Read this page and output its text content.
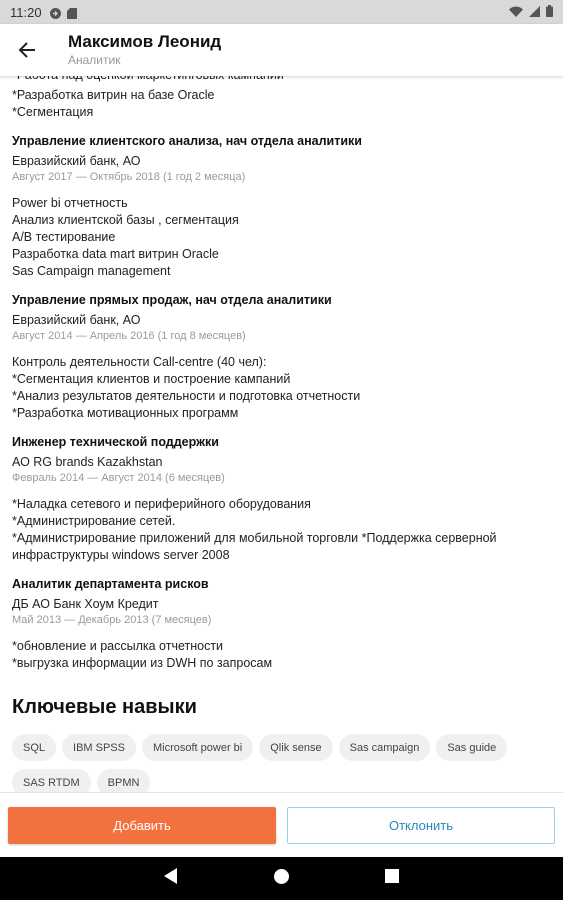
11:20
Максимов Леонид
Аналитик
*Разработка витрин на базе Oracle
*Сегментация
Управление клиентского анализа, нач отдела аналитики
Евразийский банк, АО
Август 2017 — Октябрь 2018 (1 год 2 месяца)
Power bi отчетность
Анализ клиентской базы , сегментация
A/B тестирование
Разработка data mart витрин Oracle
Sas Campaign management
Управление прямых продаж, нач отдела аналитики
Евразийский банк, АО
Август 2014 — Апрель 2016 (1 год 8 месяцев)
Контроль деятельности Call-centre (40 чел):
*Сегментация клиентов и построение кампаний
*Анализ результатов деятельности и подготовка отчетности
*Разработка мотивационных программ
Инженер технической поддержки
АО RG brands Kazakhstan
Февраль 2014 — Август 2014 (6 месяцев)
*Наладка сетевого и периферийного оборудования
*Администрирование сетей.
*Администрирование приложений для мобильной торговли *Поддержка серверной
инфраструктуры windows server 2008
Аналитик департамента рисков
ДБ АО Банк Хоум Кредит
Май 2013 — Декабрь 2013 (7 месяцев)
*обновление и рассылка отчетности
*выгрузка информации из DWH по запросам
Ключевые навыки
SQL	IBM SPSS	Microsoft power bi	Qlik sense	Sas campaign	Sas guide
SAS RTDM	BPMN
Добавить	Отклонить
